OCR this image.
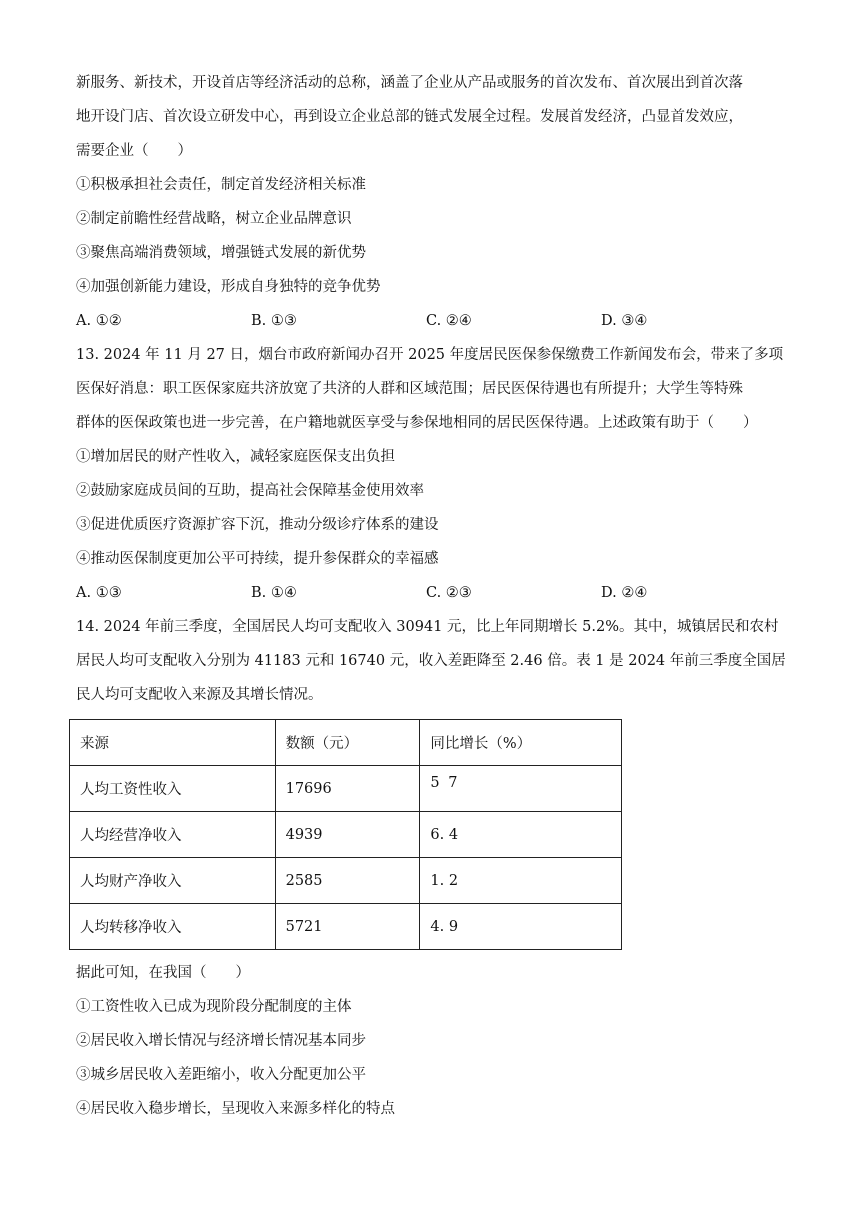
新服务、新技术，开设首店等经济活动的总称，涵盖了企业从产品或服务的首次发布、首次展出到首次落
地开设门店、首次设立研发中心，再到设立企业总部的链式发展全过程。发展首发经济，凸显首发效应，
需要企业（　　）
①积极承担社会责任，制定首发经济相关标准
②制定前瞻性经营战略，树立企业品牌意识
③聚焦高端消费领域，增强链式发展的新优势
④加强创新能力建设，形成自身独特的竞争优势
A. ①②	B. ①③	C. ②④	D. ③④
13. 2024 年 11 月 27 日，烟台市政府新闻办召开 2025 年度居民医保参保缴费工作新闻发布会，带来了多项
医保好消息：职工医保家庭共济放宽了共济的人群和区域范围；居民医保待遇也有所提升；大学生等特殊
群体的医保政策也进一步完善，在户籍地就医享受与参保地相同的居民医保待遇。上述政策有助于（　　）
①增加居民的财产性收入，减轻家庭医保支出负担
②鼓励家庭成员间的互助，提高社会保障基金使用效率
③促进优质医疗资源扩容下沉，推动分级诊疗体系的建设
④推动医保制度更加公平可持续，提升参保群众的幸福感
A. ①③	B. ①④	C. ②③	D. ②④
14. 2024 年前三季度，全国居民人均可支配收入 30941 元，比上年同期增长 5.2%。其中，城镇居民和农村
居民人均可支配收入分别为 41183 元和 16740 元，收入差距降至 2.46 倍。表 1 是 2024 年前三季度全国居
民人均可支配收入来源及其增长情况。
来源	数额（元）	同比增长（%）
人均工资性收入	17696	5 7
人均经营净收入	4939	6. 4
人均财产净收入	2585	1. 2
人均转移净收入	5721	4. 9
据此可知，在我国（　　）
①工资性收入已成为现阶段分配制度的主体
②居民收入增长情况与经济增长情况基本同步
③城乡居民收入差距缩小，收入分配更加公平
④居民收入稳步增长，呈现收入来源多样化的特点
